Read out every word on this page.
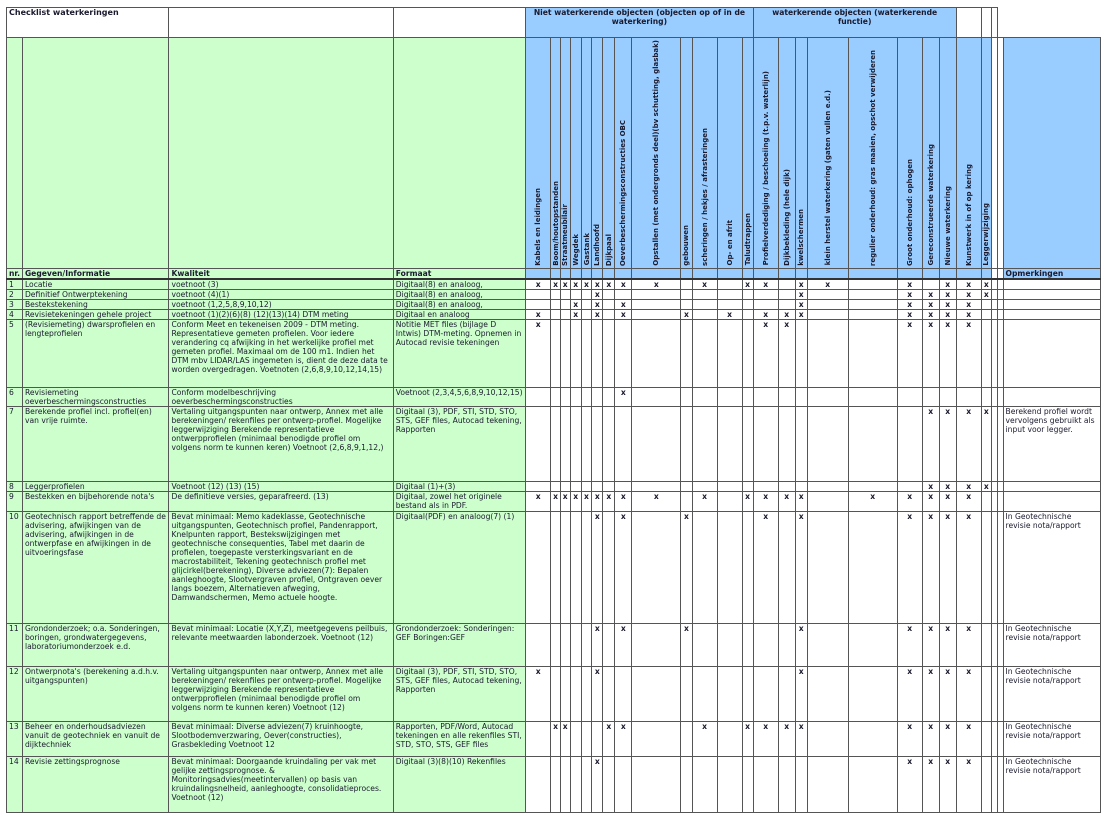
Checklist waterkeringen				Niet waterkerende objecten (objecten op of in de waterkering)													waterkerende objecten (waterkerende functie)												

				Kabels en leidingen	Boom/houtopstanden	Straatmeubilair	Wegdek	Gastank	Landhoofd	Dijkpaal	Oeverbeschermingsconstructies OBC	Opstallen (met ondergronds deel)(bv schutting, glasbak)	gebouwen	scheringen / hekjes / afrasteringen	Op- en afrit	Taludtrappen	Profielverdediging / beschoeiing (t.p.v. waterlijn)	Dijkbekleding (hele dijk)	kwelschermen	klein herstel waterkering (gaten vullen e.d.)	regulier onderhoud: gras maaien, opschot verwijderen	Groot onderhoud: ophogen	Gereconstrueerde waterkering	Nieuwe waterkering	Kunstwerk in of op kering	Leggerwijziging			

nr.	Gegeven/Informatie	Kwaliteit	Formaat																										Opmerkingen
1	Locatie	voetnoot (3)	Digitaal(8) en analoog,	x	x	x	x	x	x	x	x	x		x		x	x		x	x		x		x	x	x			
2	Definitief Ontwerptekening	voetnoot (4)(1)	Digitaal(8) en analoog,						x										x			x	x	x	x	x			
3	Bestekstekening	voetnoot (1,2,5,8,9,10,12)	Digitaal(8) en analoog,				x		x		x								x			x	x	x	x				
4	Revisietekeningen gehele project	voetnoot (1)(2)(6)(8) (12)(13)(14) DTM meting	Digitaal en analoog	x			x		x		x		x		x		x	x	x			x	x	x	x				
5	(Revisiemeting) dwarsprofielen en lengteprofielen	Conform Meet en tekeneisen 2009 - DTM meting. Representatieve gemeten profielen. Voor iedere verandering cq afwijking in het werkelijke profiel met gemeten profiel. Maximaal om de 100 m1. Indien het DTM mbv LIDAR/LAS ingemeten is, dient de deze data te worden overgedragen. Voetnoten (2,6,8,9,10,12,14,15)	Notitie MET files (bijlage D Intwis) DTM-meting. Opnemen in Autocad revisie tekeningen	x													x	x				x	x	x	x				
6	Revisiemeting oeverbeschermingsconstructies	Conform modelbeschrijving oeverbeschermingsconstructies	Voetnoot (2,3,4,5,6,8,9,10,12,15)								x																		
7	Berekende profiel incl. profiel(en) van vrije ruimte.	Vertaling uitgangspunten naar ontwerp, Annex met alle berekeningen/ rekenfiles per ontwerp-profiel. Mogelijke leggerwijziging Berekende representatieve ontwerpprofielen (minimaal benodigde profiel om volgens norm te kunnen keren) Voetnoot (2,6,8,9,1,12,)	Digitaal (3), PDF, STI, STD, STO, STS, GEF files, Autocad tekening, Rapporten																				x	x	x	x			Berekend profiel wordt vervolgens gebruikt als input voor legger.
8	Leggerprofielen	Voetnoot (12) (13) (15)	Digitaal (1)+(3)																				x	x	x	x			
9	Bestekken en bijbehorende nota's	De definitieve versies, geparafreerd. (13)	Digitaal, zowel het originele bestand als in PDF.	x	x	x	x	x	x	x	x	x		x		x	x	x	x		x	x	x	x	x				
10	Geotechnisch rapport betreffende de advisering, afwijkingen van de advisering, afwijkingen in de ontwerpfase en afwijkingen in de uitvoeringsfase	Bevat minimaal: Memo kadeklasse, Geotechnische uitgangspunten, Geotechnisch profiel, Pandenrapport, Knelpunten rapport, Bestekswijzigingen met geotechnische consequenties, Tabel met daarin de profielen, toegepaste versterkingsvariant en de macrostabiliteit, Tekening geotechnisch profiel met glijcirkel(berekening), Diverse adviezen(7): Bepalen aanleghoogte, Slootvergraven profiel, Ontgraven oever langs boezem, Alternatieven afweging, Damwandschermen, Memo actuele hoogte.	Digitaal(PDF) en analoog(7) (1)						x		x		x				x		x			x	x	x	x				In Geotechnische revisie nota/rapport
11	Grondonderzoek; o.a. Sonderingen, boringen, grondwatergegevens, laboratoriumonderzoek e.d.	Bevat minimaal: Locatie (X,Y,Z), meetgegevens peilbuis, relevante meetwaarden labonderzoek. Voetnoot (12)	Grondonderzoek: Sonderingen: GEF Boringen:GEF						x		x		x						x			x	x	x	x				In Geotechnische revisie nota/rapport
12	Ontwerpnota's (berekening a.d.h.v. uitgangspunten)	Vertaling uitgangspunten naar ontwerp, Annex met alle berekeningen/ rekenfiles per ontwerp-profiel. Mogelijke leggerwijziging Berekende representatieve ontwerpprofielen (minimaal benodigde profiel om volgens norm te kunnen keren) Voetnoot (12)	Digitaal (3), PDF, STI, STD, STO, STS, GEF files, Autocad tekening, Rapporten	x					x										x			x	x	x	x				In Geotechnische revisie nota/rapport
13	Beheer en onderhoudsadviezen vanuit de geotechniek en vanuit de dijktechniek	Bevat minimaal: Diverse adviezen(7) kruinhoogte, Slootbodemverzwaring, Oever(constructies), Grasbekleding Voetnoot 12	Rapporten, PDF/Word, Autocad tekeningen en alle rekenfiles STI, STD, STO, STS, GEF files		x	x				x	x			x		x	x	x	x			x	x	x	x				In Geotechnische revisie nota/rapport
14	Revisie zettingsprognose	Bevat minimaal: Doorgaande kruindaling per vak met gelijke zettingsprognose. & Monitoringsadvies(meetintervallen) op basis van kruindalingsnelheid, aanleghoogte, consolidatieproces. Voetnoot (12)	Digitaal (3)(8)(10) Rekenfiles						x													x	x	x	x				In Geotechnische revisie nota/rapport
